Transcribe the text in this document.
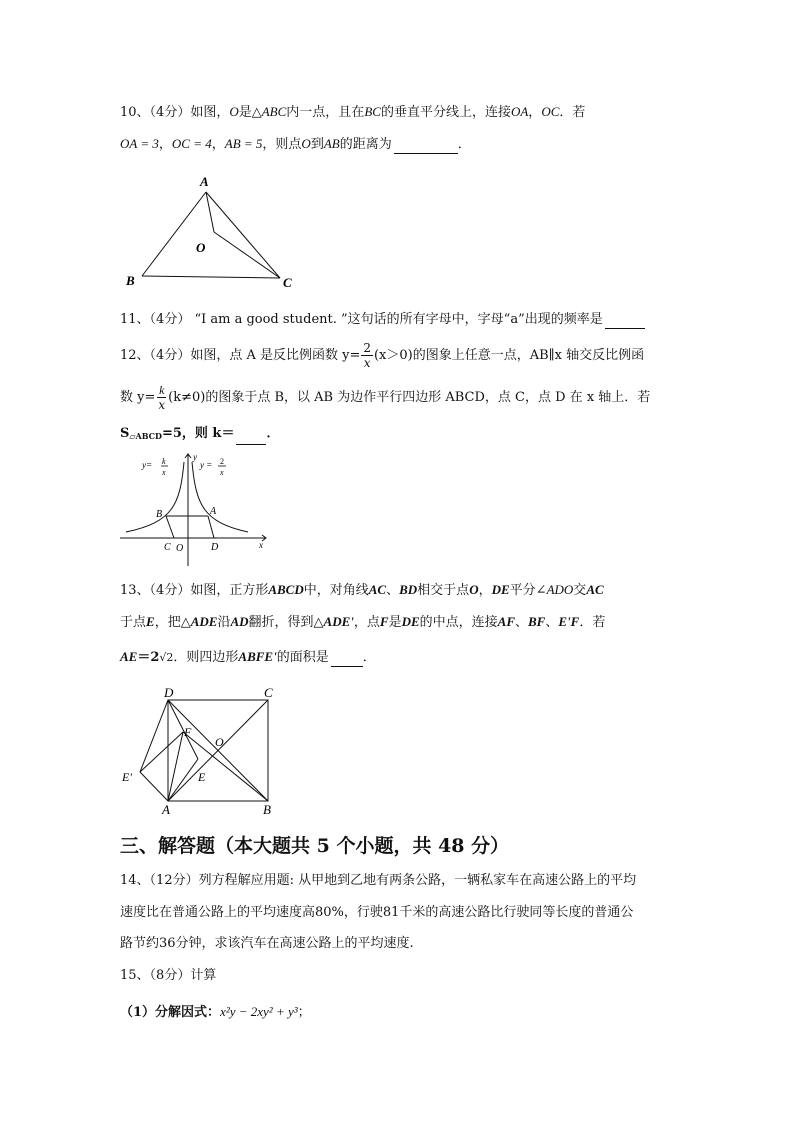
10、（4分）如图，O是△ABC内一点，且在BC的垂直平分线上，连接OA，OC．若
OA = 3，OC = 4，AB = 5，则点O到AB的距离为	．
A
B	C
O
11、（4分） “I am a good student. ”这句话的所有字母中，字母“a”出现的频率是
12、（4分）如图，点 A 是反比例函数 $y= \frac{2}{x} (x>0)$的图象上任意一点，AB∥x 轴交反比例函
数 $y= \frac{k}{x} (k\ne 0)$的图象于点 B，以 AB 为边作平行四边形 ABCD，点 C，点 D 在 x 轴上．若
$S_{▱ABCD}=5$，则 k＝ ．
y= k
x
y
y = 2
x
B	A
C O	D	x
13、（4分）如图，正方形ABCD中，对角线AC、BD相交于点O，DE平分∠ADO交AC
于点E，把△ADE沿AD翻折，得到△ADE'，点F是DE的中点，连接AF、BF、E'F．若
AE＝2√2．则四边形ABFE'的面积是	．
D	C
F
O
E'	E
A	B
三、解答题（本大题共 5 个小题，共 48 分）
14、（12分）列方程解应用题: 从甲地到乙地有两条公路，一辆私家车在高速公路上的平均
速度比在普通公路上的平均速度高80%，行驶81千米的高速公路比行驶同等长度的普通公
路节约36分钟，求该汽车在高速公路上的平均速度.
15、（8分）计算
（1）分解因式：x²y − 2xy² + y³；
